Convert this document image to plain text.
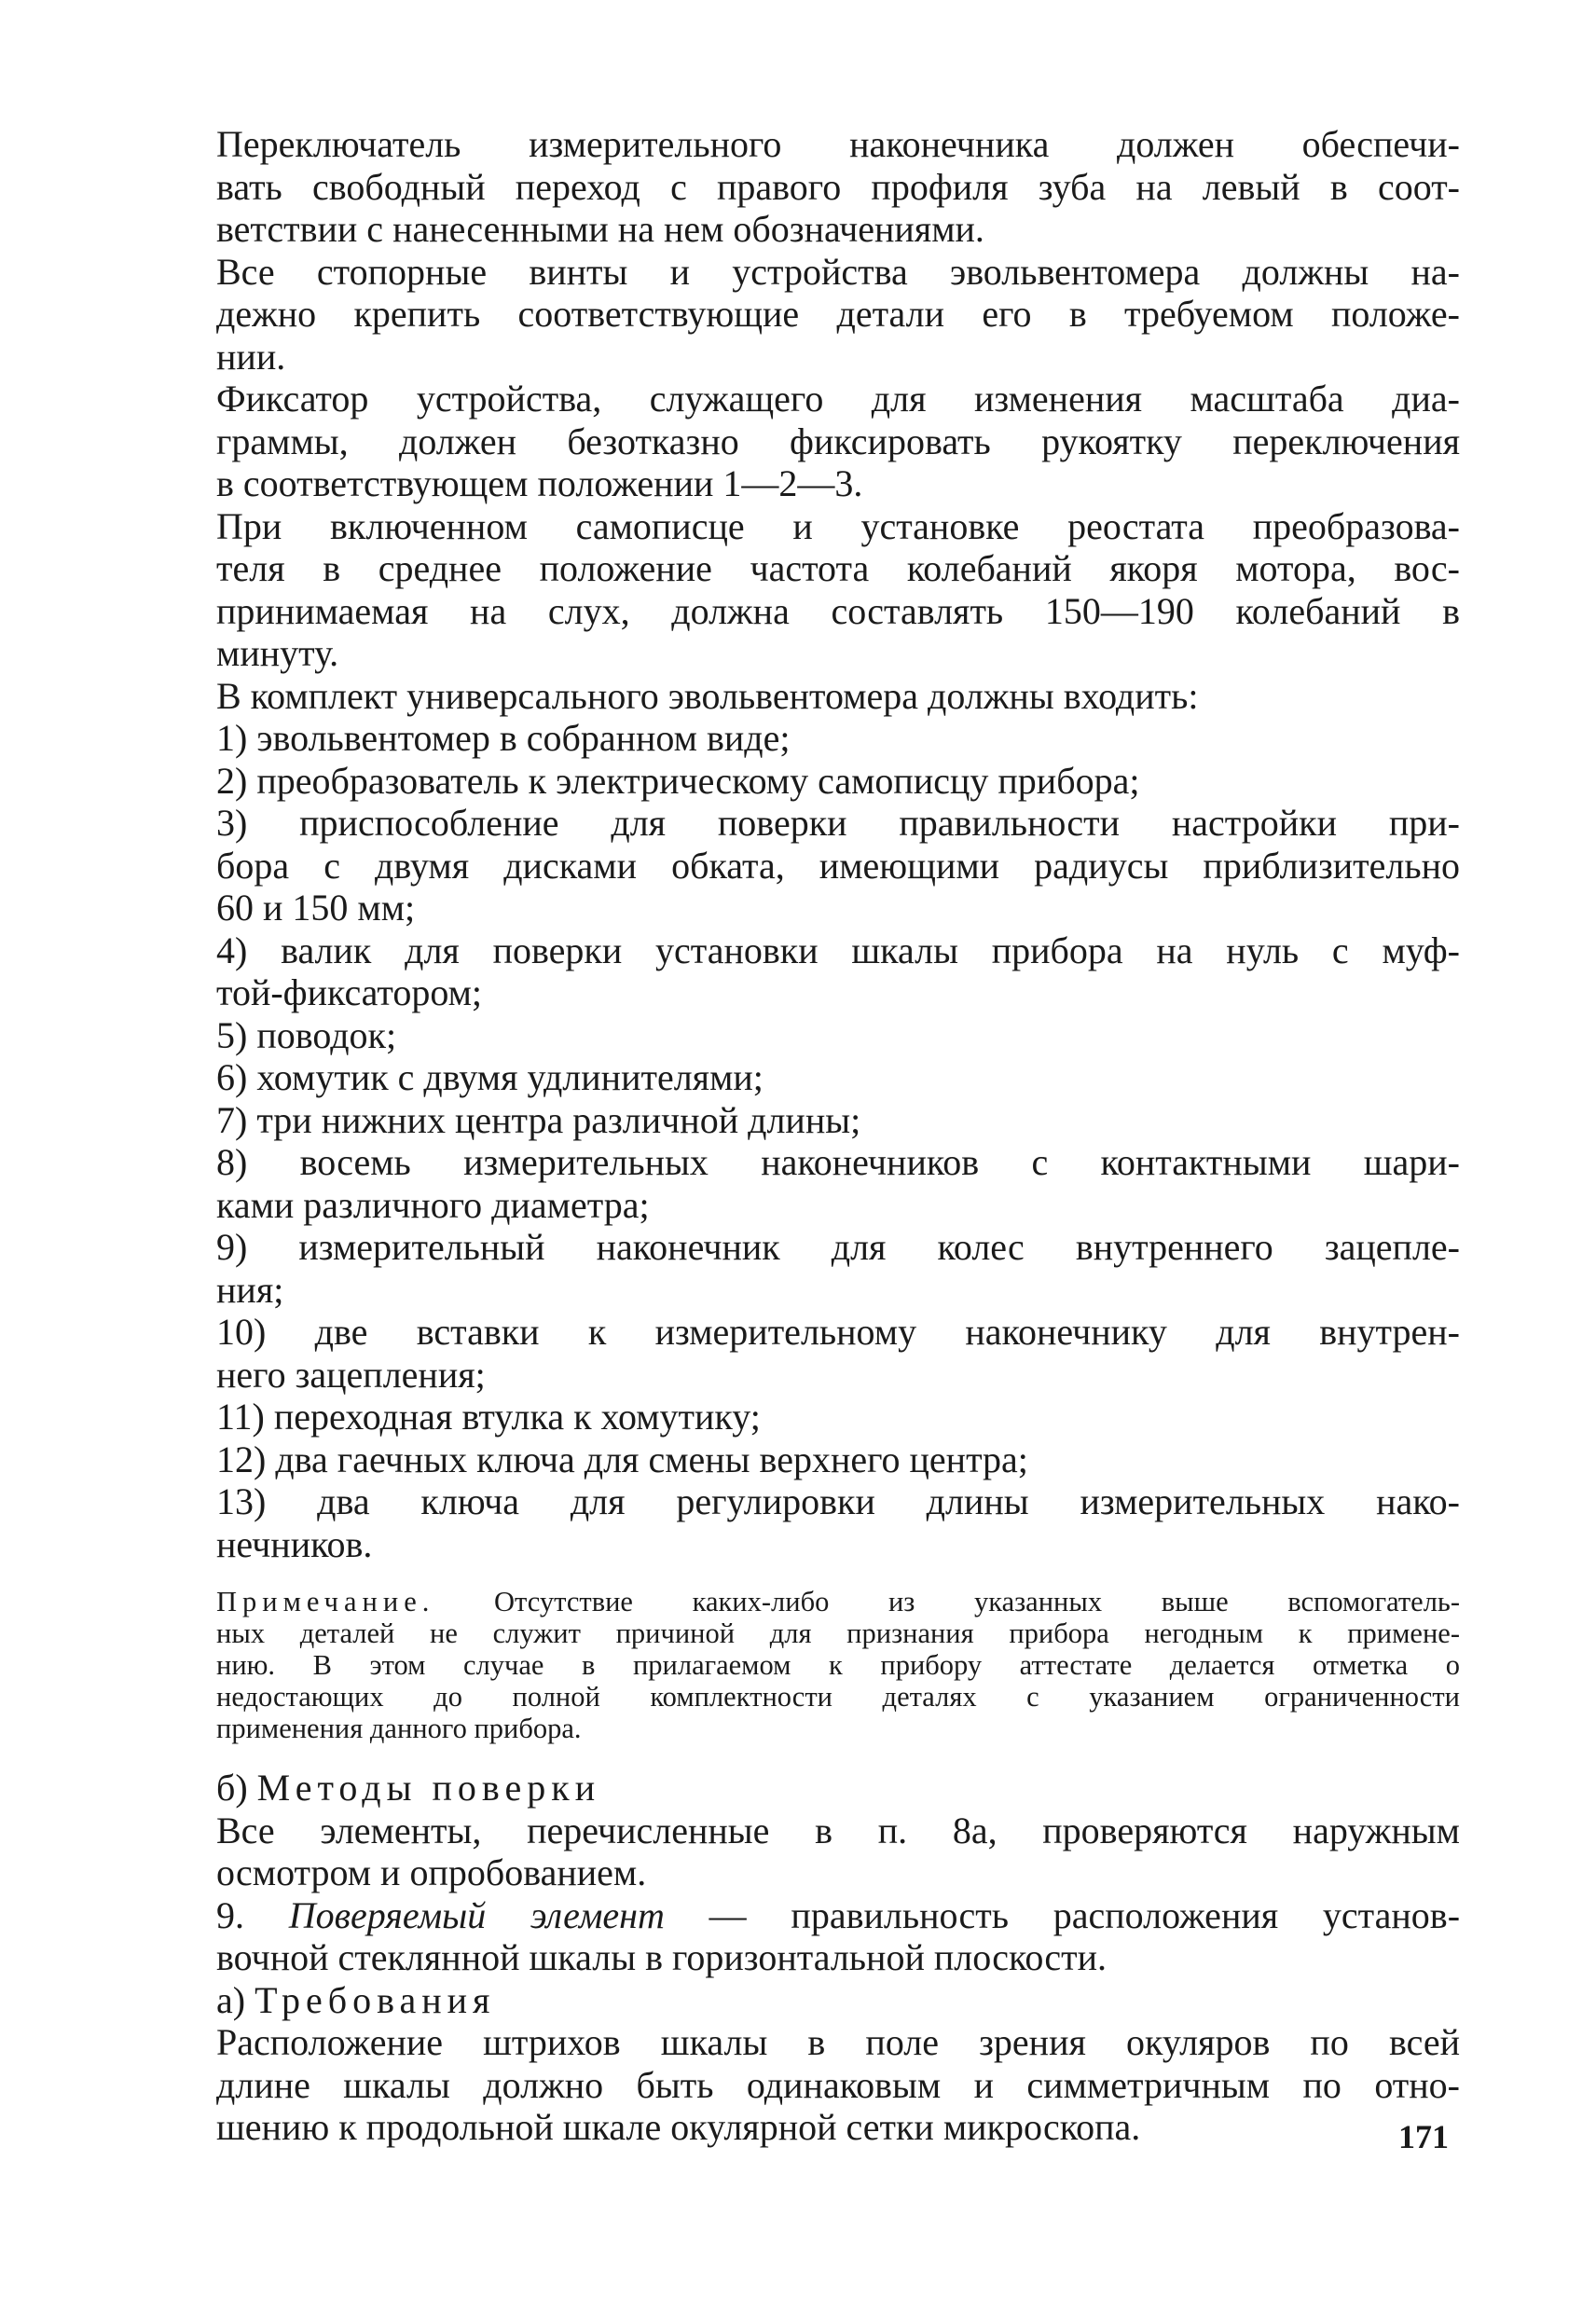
Переключатель измерительного наконечника должен обеспечи-
вать свободный переход с правого профиля зуба на левый в соот-
ветствии с нанесенными на нем обозначениями.
Все стопорные винты и устройства эвольвентомера должны на-
дежно крепить соответствующие детали его в требуемом положе-
нии.
Фиксатор устройства, служащего для изменения масштаба диа-
граммы, должен безотказно фиксировать рукоятку переключения
в соответствующем положении 1—2—3.
При включенном самописце и установке реостата преобразова-
теля в среднее положение частота колебаний якоря мотора, вос-
принимаемая на слух, должна составлять 150—190 колебаний в
минуту.
В комплект универсального эвольвентомера должны входить:
1) эвольвентомер в собранном виде;
2) преобразователь к электрическому самописцу прибора;
3) приспособление для поверки правильности настройки при-
бора с двумя дисками обката, имеющими радиусы приблизительно
60 и 150 мм;
4) валик для поверки установки шкалы прибора на нуль с муф-
той-фиксатором;
5) поводок;
6) хомутик с двумя удлинителями;
7) три нижних центра различной длины;
8) восемь измерительных наконечников с контактными шари-
ками различного диаметра;
9) измерительный наконечник для колес внутреннего зацепле-
ния;
10) две вставки к измерительному наконечнику для внутрен-
него зацепления;
11) переходная втулка к хомутику;
12) два гаечных ключа для смены верхнего центра;
13) два ключа для регулировки длины измерительных нако-
нечников.
Примечание. Отсутствие каких-либо из указанных выше вспомогатель-
ных деталей не служит причиной для признания прибора негодным к примене-
нию. В этом случае в прилагаемом к прибору аттестате делается отметка о
недостающих до полной комплектности деталях с указанием ограниченности
применения данного прибора.
б) Методы поверки
Все элементы, перечисленные в п. 8а, проверяются наружным
осмотром и опробованием.
9. Поверяемый элемент — правильность расположения установ-
вочной стеклянной шкалы в горизонтальной плоскости.
а) Требования
Расположение штрихов шкалы в поле зрения окуляров по всей
длине шкалы должно быть одинаковым и симметричным по отно-
шению к продольной шкале окулярной сетки микроскопа.	171
